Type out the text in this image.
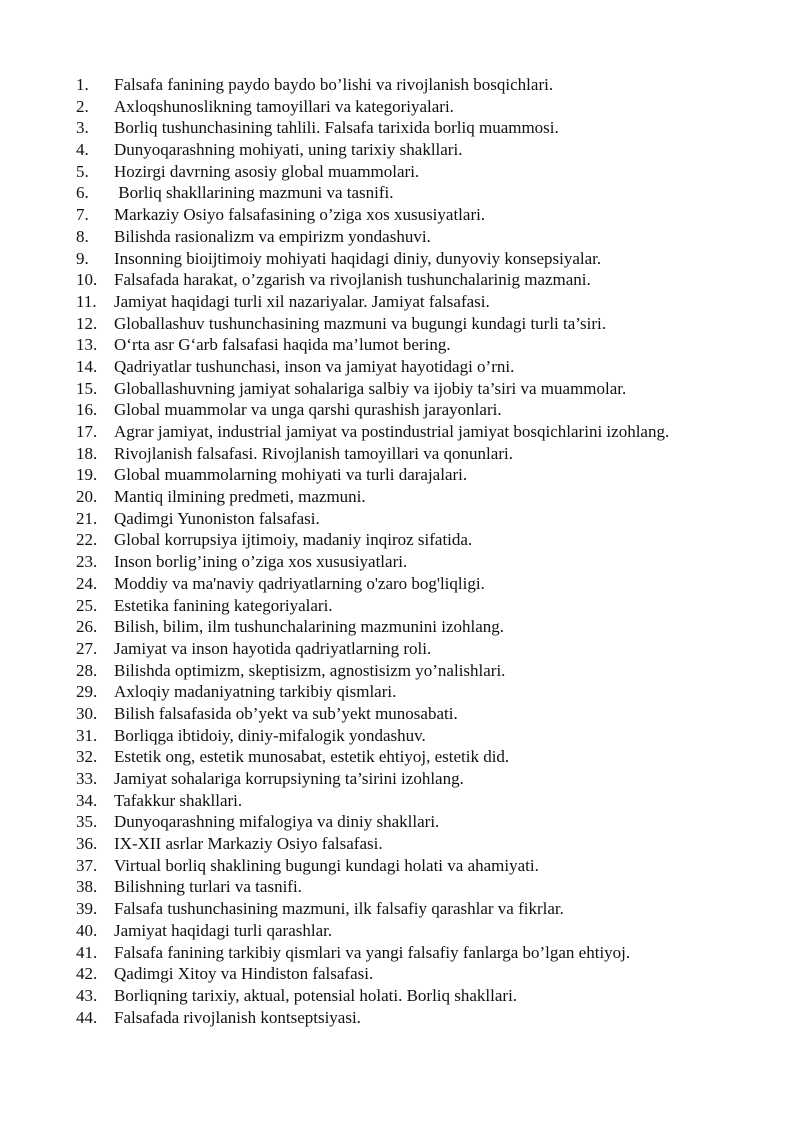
1.	Falsafa fanining paydo baydo bo’lishi va rivojlanish bosqichlari.
2.	Axloqshunoslikning tamoyillari va kategoriyalari.
3.	Borliq tushunchasining tahlili. Falsafa tarixida borliq muammosi.
4.	Dunyoqarashning mohiyati, uning tarixiy shakllari.
5.	Hozirgi davrning asosiy global muammolari.
6.	Borliq shakllarining mazmuni va tasnifi.
7.	Markaziy Osiyo falsafasining o’ziga xos xususiyatlari.
8.	Bilishda rasionalizm va empirizm yondashuvi.
9.	Insonning bioijtimoiy mohiyati haqidagi diniy, dunyoviy konsepsiyalar.
10. Falsafada harakat, o’zgarish va rivojlanish tushunchalarinig mazmani.
11.	Jamiyat haqidagi turli xil nazariyalar. Jamiyat falsafasi.
12. Globallashuv tushunchasining mazmuni va bugungi kundagi turli ta’siri.
13. O‘rta asr G‘arb falsafasi haqida ma’lumot bering.
14. Qadriyatlar tushunchasi, inson va jamiyat hayotidagi o’rni.
15. Globallashuvning jamiyat sohalariga salbiy va ijobiy ta’siri va muammolar.
16. Global muammolar va unga qarshi qurashish jarayonlari.
17. Agrar jamiyat, industrial jamiyat va postindustrial jamiyat bosqichlarini izohlang.
18. Rivojlanish falsafasi. Rivojlanish tamoyillari va qonunlari.
19. Global muammolarning mohiyati va turli darajalari.
20. Mantiq ilmining predmeti, mazmuni.
21. Qadimgi Yunoniston falsafasi.
22. Global korrupsiya ijtimoiy, madaniy inqiroz sifatida.
23. Inson borlig’ining o’ziga xos xususiyatlari.
24. Moddiy va ma'naviy qadriyatlarning o'zaro bog'liqligi.
25. Estetika fanining kategoriyalari.
26. Bilish, bilim, ilm tushunchalarining mazmunini izohlang.
27. Jamiyat va inson hayotida qadriyatlarning roli.
28. Bilishda optimizm, skeptisizm, agnostisizm yo’nalishlari.
29. Axloqiy madaniyatning tarkibiy qismlari.
30. Bilish falsafasida ob’yekt va sub’yekt munosabati.
31. Borliqga ibtidoiy, diniy-mifalogik yondashuv.
32. Estetik ong, estetik munosabat, estetik ehtiyoj, estetik did.
33. Jamiyat sohalariga korrupsiyning ta’sirini izohlang.
34. Tafakkur shakllari.
35. Dunyoqarashning mifalogiya va diniy shakllari.
36. IX-XII asrlar Markaziy Osiyo falsafasi.
37. Virtual borliq shaklining bugungi kundagi holati va ahamiyati.
38. Bilishning turlari va tasnifi.
39. Falsafa tushunchasining mazmuni, ilk falsafiy qarashlar va fikrlar.
40. Jamiyat haqidagi turli qarashlar.
41. Falsafa fanining tarkibiy qismlari va yangi falsafiy fanlarga bo’lgan ehtiyoj.
42. Qadimgi Xitoy va Hindiston falsafasi.
43. Borliqning tarixiy, aktual, potensial holati. Borliq shakllari.
44. Falsafada rivojlanish kontseptsiyasi.
